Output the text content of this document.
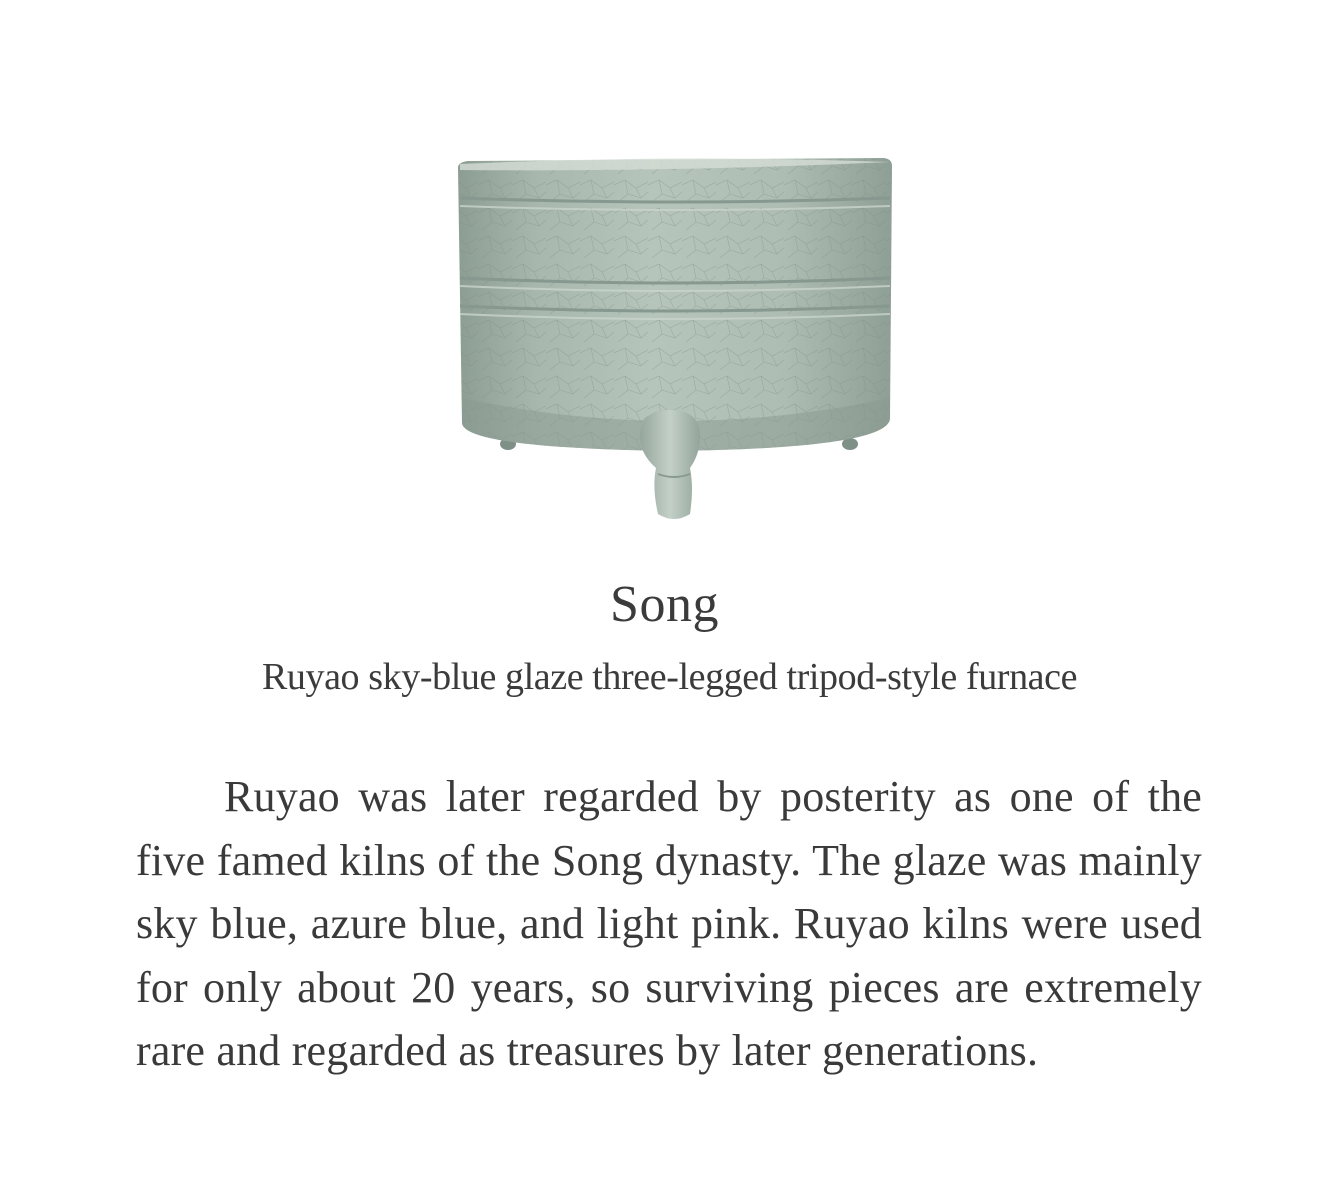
Song
Ruyao sky-blue glaze three-legged tripod-style furnace

Ruyao was later regarded by posterity as one of the five famed kilns of the Song dynasty. The glaze was mainly sky blue, azure blue, and light pink. Ruyao kilns were used for only about 20 years, so surviving pieces are extremely rare and regarded as treasures by later generations.
